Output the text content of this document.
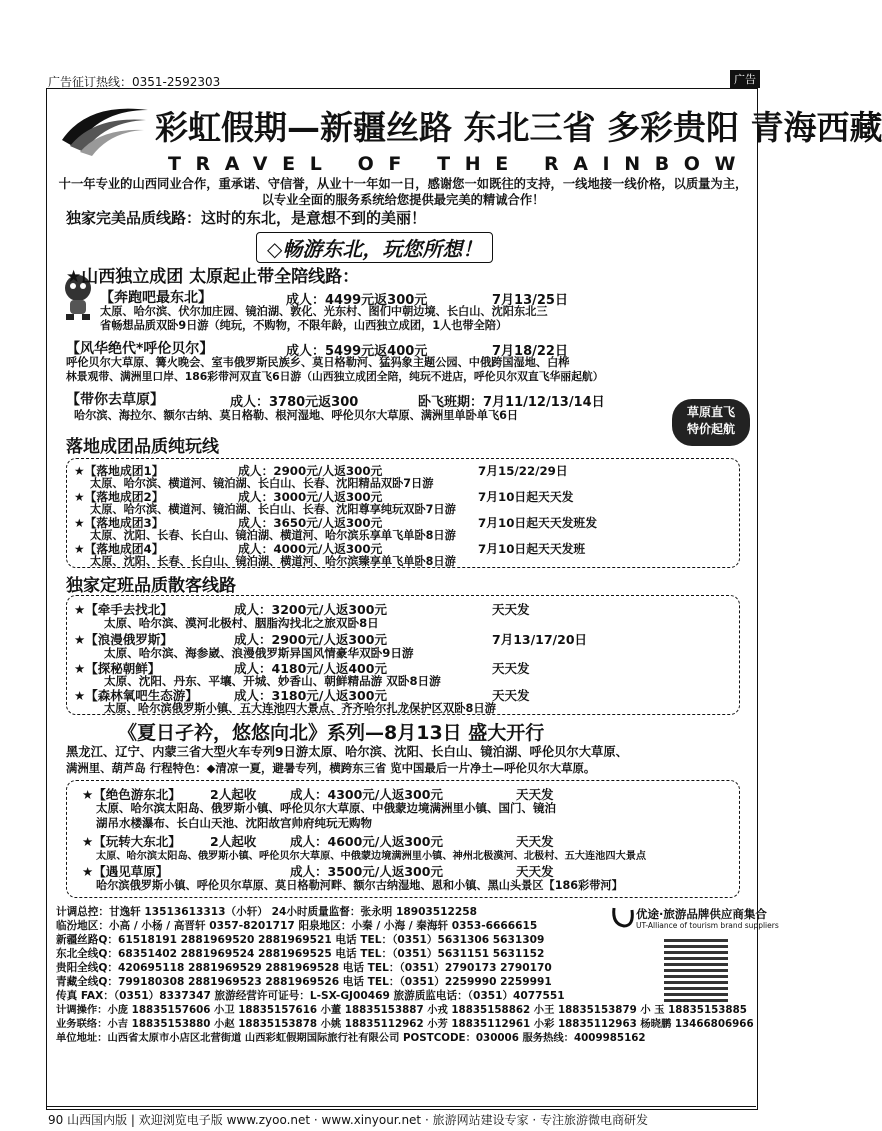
广告征订热线：0351-2592303	广告
彩虹假期—新疆丝路 东北三省 多彩贵阳 青海西藏
TRAVEL OF THE RAINBOW
十一年专业的山西同业合作，重承诺、守信誉，从业十一年如一日，感谢您一如既往的支持，一线地接一线价格，以质量为主，以专业全面的服务系统给您提供最完美的精诚合作！
独家完美品质线路：这时的东北，是意想不到的美丽！
◇畅游东北，玩您所想！
★山西独立成团 太原起止带全陪线路：
【奔跑吧最东北】	成人：4499元返300元	7月13/25日
太原、哈尔滨、伏尔加庄园、镜泊湖、敦化、光东村、图们中朝边境、长白山、沈阳东北三
省畅想品质双卧9日游（纯玩，不购物，不限年龄，山西独立成团，1人也带全陪）
【风华绝代*呼伦贝尔】	成人：5499元返400元	7月18/22日
呼伦贝尔大草原、篝火晚会、室韦俄罗斯民族乡、莫日格勒河、猛犸象主题公园、中俄跨国湿地、白桦
林景观带、满洲里口岸、186彩带河双直飞6日游（山西独立成团全陪，纯玩不进店，呼伦贝尔双直飞华丽起航）
【带你去草原】	成人：3780元返300	卧飞班期：7月11/12/13/14日
哈尔滨、海拉尔、额尔古纳、莫日格勒、根河湿地、呼伦贝尔大草原、满洲里单卧单飞6日	草原直飞
特价起航
落地成团品质纯玩线
★【落地成团1】	成人：2900元/人返300元	7月15/22/29日
太原、哈尔滨、横道河、镜泊湖、长白山、长春、沈阳精品双卧7日游
★【落地成团2】	成人：3000元/人返300元	7月10日起天天发
太原、哈尔滨、横道河、镜泊湖、长白山、长春、沈阳尊享纯玩双卧7日游
★【落地成团3】	成人：3650元/人返300元	7月10日起天天发班发
太原、沈阳、长春、长白山、镜泊湖、横道河、哈尔滨乐享单飞单卧8日游
★【落地成团4】	成人：4000元/人返300元	7月10日起天天发班
太原、沈阳、长春、长白山、镜泊湖、横道河、哈尔滨臻享单飞单卧8日游
独家定班品质散客线路
★【牵手去找北】	成人：3200元/人返300元	天天发
太原、哈尔滨、漠河北极村、胭脂沟找北之旅双卧8日
★【浪漫俄罗斯】	成人：2900元/人返300元	7月13/17/20日
太原、哈尔滨、海参崴、浪漫俄罗斯异国风情豪华双卧9日游
★【探秘朝鲜】	成人：4180元/人返400元	天天发
太原、沈阳、丹东、平壤、开城、妙香山、朝鲜精品游 双卧8日游
★【森林氧吧生态游】	成人：3180元/人返300元	天天发
太原、哈尔滨俄罗斯小镇、五大连池四大景点、齐齐哈尔扎龙保护区双卧8日游
《夏日孑衿，悠悠向北》系列—8月13日 盛大开行
黑龙江、辽宁、内蒙三省大型火车专列9日游太原、哈尔滨、沈阳、长白山、镜泊湖、呼伦贝尔大草原、
满洲里、葫芦岛 行程特色：◆清凉一夏，避暑专列，横跨东三省 览中国最后一片净土—呼伦贝尔大草原。
★【绝色游东北】 2人起收	成人：4300元/人返300元	天天发
太原、哈尔滨太阳岛、俄罗斯小镇、呼伦贝尔大草原、中俄蒙边境满洲里小镇、国门、镜泊
湖吊水楼瀑布、长白山天池、沈阳故宫帅府纯玩无购物
★【玩转大东北】 2人起收	成人：4600元/人返300元	天天发
太原、哈尔滨太阳岛、俄罗斯小镇、呼伦贝尔大草原、中俄蒙边境满洲里小镇、神州北极漠河、北极村、五大连池四大景点
★【遇见草原】	成人：3500元/人返300元	天天发
哈尔滨俄罗斯小镇、呼伦贝尔草原、莫日格勒河畔、额尔古纳湿地、恩和小镇、黑山头景区【186彩带河】
计调总控：甘逸轩 13513613313（小轩） 24小时质量监督：张永明 18903512258
临汾地区：小高 / 小杨 / 高晋轩 0357-8201717 阳泉地区：小秦 / 小海 / 秦海轩 0353-6666615
新疆丝路Q：61518191 2881969520 2881969521 电话 TEL：（0351）5631306 5631309
东北全线Q：68351402 2881969524 2881969525 电话 TEL：（0351）5631151 5631152
贵阳全线Q：420695118 2881969529 2881969528 电话 TEL：（0351）2790173 2790170
青藏全线Q：799180308 2881969523 2881969526 电话 TEL：（0351）2259990 2259991
传真 FAX：（0351）8337347 旅游经营许可证号：L-SX-GJ00469 旅游质监电话：（0351）4077551
计调操作：小庞 18835157606 小卫 18835157616 小董 18835153887 小戎 18835158862 小王 18835153879 小 玉 18835153885
业务联络：小吉 18835153880 小赵 18835153878 小姚 18835112962 小芳 18835112961 小彩 18835112963 杨晓鹏 13466806966
单位地址：山西省太原市小店区北营街道 山西彩虹假期国际旅行社有限公司 POSTCODE：030006 服务热线：4009985162
优途·旅游品牌供应商集合
UT-Alliance of tourism brand suppliers
90 山西国内版 | 欢迎浏览电子版 www.zyoo.net · www.xinyour.net · 旅游网站建设专家 · 专注旅游微电商研发
